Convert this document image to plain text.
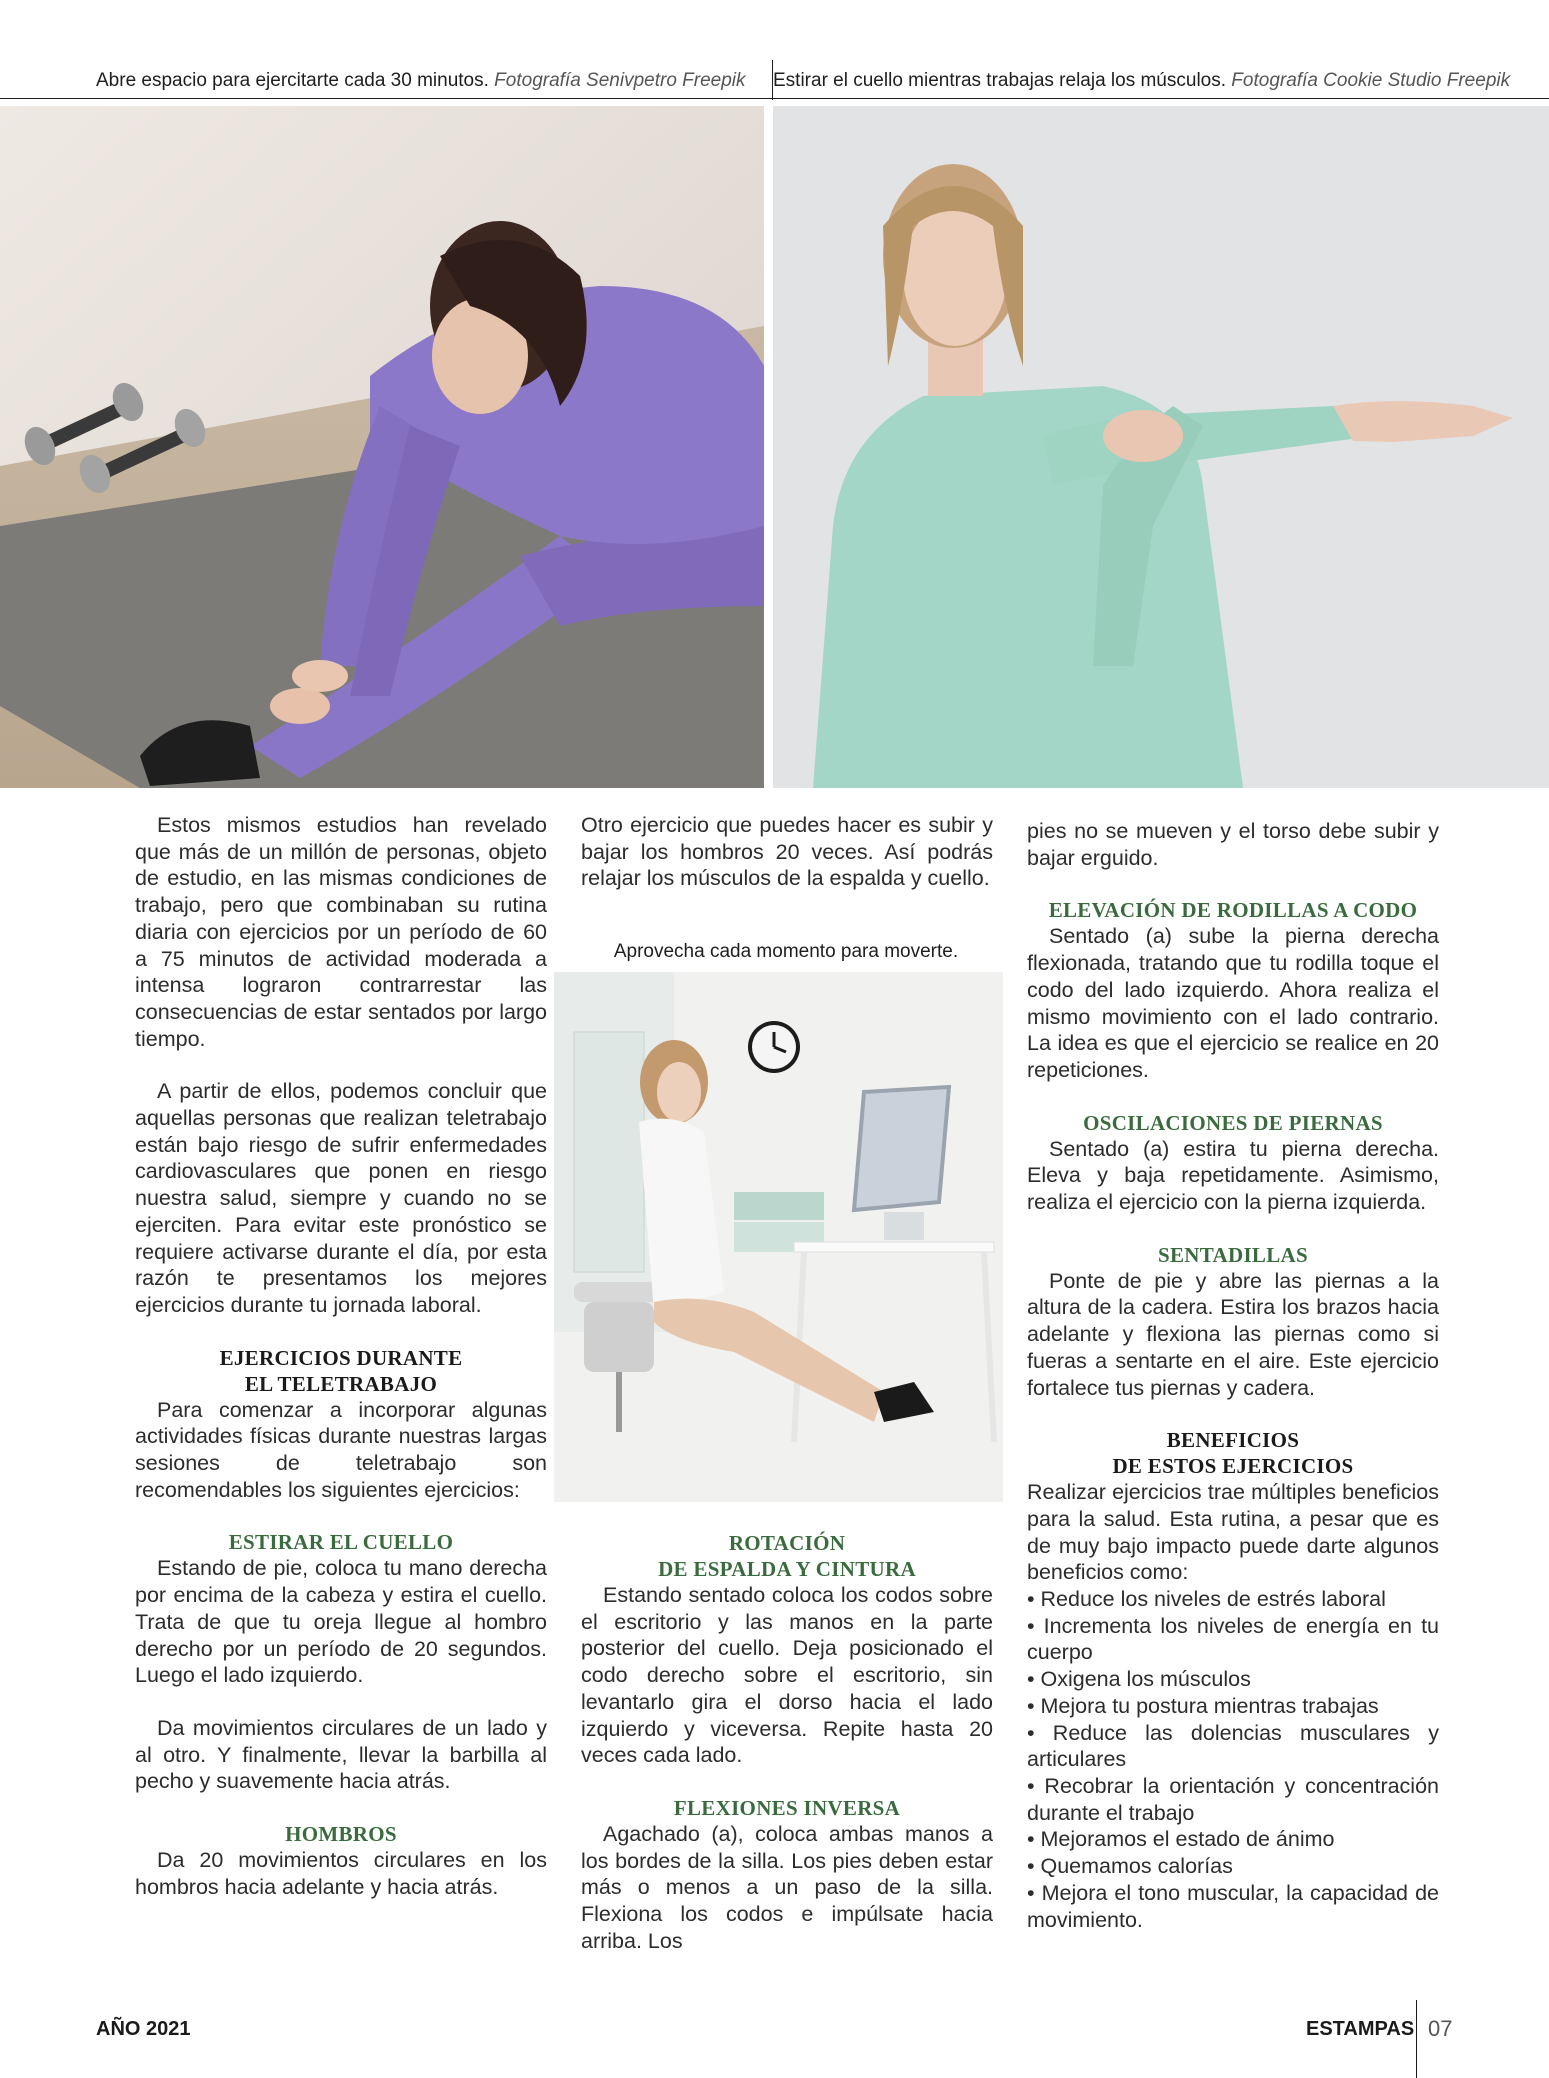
Abre espacio para ejercitarte cada 30 minutos. Fotografía Senivpetro Freepik Estirar el cuello mientras trabajas relaja los músculos. Fotografía Cookie Studio Freepik

Estos mismos estudios han revelado que más de un millón de personas, objeto de estudio, en las mismas condiciones de trabajo, pero que combinaban su rutina diaria con ejercicios por un período de 60 a 75 minutos de actividad moderada a intensa lograron contrarrestar las consecuencias de estar sentados por largo tiempo.

A partir de ellos, podemos concluir que aquellas personas que realizan teletrabajo están bajo riesgo de sufrir enfermedades cardiovasculares que ponen en riesgo nuestra salud, siempre y cuando no se ejerciten. Para evitar este pronóstico se requiere activarse durante el día, por esta razón te presentamos los mejores ejercicios durante tu jornada laboral.

EJERCICIOS DURANTE
EL TELETRABAJO

Para comenzar a incorporar algunas actividades físicas durante nuestras largas sesiones de teletrabajo son recomendables los siguientes ejercicios:

ESTIRAR EL CUELLO

Estando de pie, coloca tu mano derecha por encima de la cabeza y estira el cuello. Trata de que tu oreja llegue al hombro derecho por un período de 20 segundos. Luego el lado izquierdo.

Da movimientos circulares de un lado y al otro. Y finalmente, llevar la barbilla al pecho y suavemente hacia atrás.

HOMBROS

Da 20 movimientos circulares en los hombros hacia adelante y hacia atrás.

Otro ejercicio que puedes hacer es subir y bajar los hombros 20 veces. Así podrás relajar los músculos de la espalda y cuello.

Aprovecha cada momento para moverte.
ROTACIÓN
DE ESPALDA Y CINTURA

Estando sentado coloca los codos sobre el escritorio y las manos en la parte posterior del cuello. Deja posicionado el codo derecho sobre el escritorio, sin levantarlo gira el dorso hacia el lado izquierdo y viceversa. Repite hasta 20 veces cada lado.

FLEXIONES INVERSA

Agachado (a), coloca ambas manos a los bordes de la silla. Los pies deben estar más o menos a un paso de la silla. Flexiona los codos e impúlsate hacia arriba. Los

pies no se mueven y el torso debe subir y bajar erguido.

ELEVACIÓN DE RODILLAS A CODO

Sentado (a) sube la pierna derecha flexionada, tratando que tu rodilla toque el codo del lado izquierdo. Ahora realiza el mismo movimiento con el lado contrario. La idea es que el ejercicio se realice en 20 repeticiones.

OSCILACIONES DE PIERNAS

Sentado (a) estira tu pierna derecha. Eleva y baja repetidamente. Asimismo, realiza el ejercicio con la pierna izquierda.

SENTADILLAS

Ponte de pie y abre las piernas a la altura de la cadera. Estira los brazos hacia adelante y flexiona las piernas como si fueras a sentarte en el aire. Este ejercicio fortalece tus piernas y cadera.

BENEFICIOS
DE ESTOS EJERCICIOS

Realizar ejercicios trae múltiples beneficios para la salud. Esta rutina, a pesar que es de muy bajo impacto puede darte algunos beneficios como:

• Reduce los niveles de estrés laboral
• Incrementa los niveles de energía en tu cuerpo
• Oxigena los músculos
• Mejora tu postura mientras trabajas
• Reduce las dolencias musculares y articulares
• Recobrar la orientación y concentración durante el trabajo
• Mejoramos el estado de ánimo
• Quemamos calorías
• Mejora el tono muscular, la capacidad de movimiento.
AÑO 2021	ESTAMPAS 07
